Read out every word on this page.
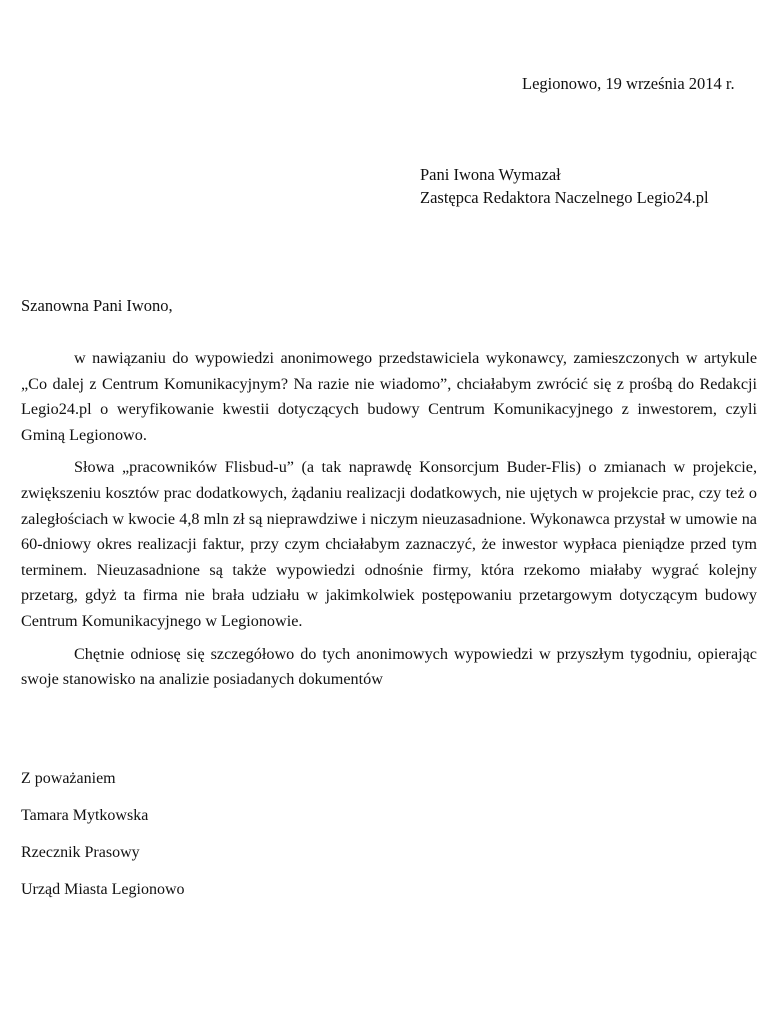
Legionowo, 19 września 2014 r.
Pani Iwona Wymazał
Zastępca Redaktora Naczelnego Legio24.pl
Szanowna Pani Iwono,

w nawiązaniu do wypowiedzi anonimowego przedstawiciela wykonawcy, zamieszczonych w artykule „Co dalej z Centrum Komunikacyjnym? Na razie nie wiadomo”, chciałabym zwrócić się z prośbą do Redakcji Legio24.pl o weryfikowanie kwestii dotyczących budowy Centrum Komunikacyjnego z inwestorem, czyli Gminą Legionowo.

Słowa „pracowników Flisbud-u” (a tak naprawdę Konsorcjum Buder-Flis) o zmianach w projekcie, zwiększeniu kosztów prac dodatkowych, żądaniu realizacji dodatkowych, nie ujętych w projekcie prac, czy też o zaległościach w kwocie 4,8 mln zł są nieprawdziwe i niczym nieuzasadnione. Wykonawca przystał w umowie na 60-dniowy okres realizacji faktur, przy czym chciałabym zaznaczyć, że inwestor wypłaca pieniądze przed tym terminem. Nieuzasadnione są także wypowiedzi odnośnie firmy, która rzekomo miałaby wygrać kolejny przetarg, gdyż ta firma nie brała udziału w jakimkolwiek postępowaniu przetargowym dotyczącym budowy Centrum Komunikacyjnego w Legionowie.

Chętnie odniosę się szczegółowo do tych anonimowych wypowiedzi w przyszłym tygodniu, opierając swoje stanowisko na analizie posiadanych dokumentów

Z poważaniem
Tamara Mytkowska
Rzecznik Prasowy
Urząd Miasta Legionowo
